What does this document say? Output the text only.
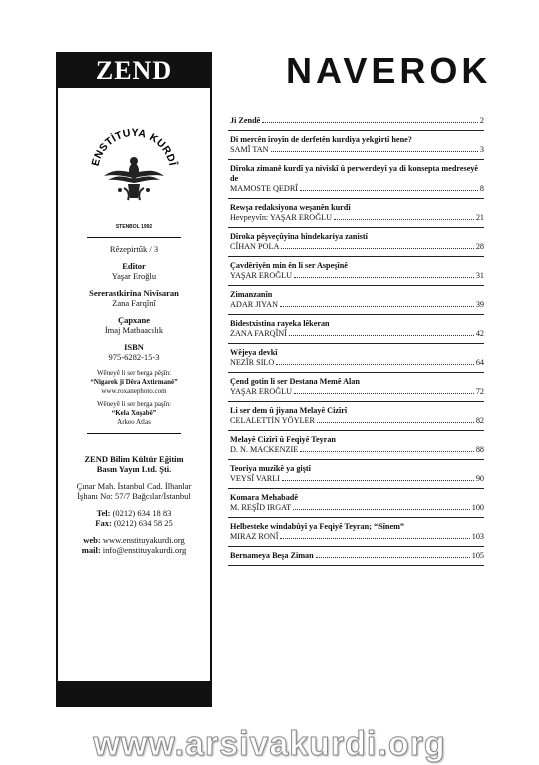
ZEND
ENSTİTUYA KURDÎ
STENBOL 1992
Rêzepirtûk / 3
Edîtor
Yaşar Eroğlu
Sererastkirina Nivîsaran
Zana Farqînî
Çapxane
İmaj Matbaacılık
ISBN
975-6282-15-3
Wêneyê li ser berga pêşîn:
“Nigarek ji Dêra Axtirmanê”
www.roxanephoto.com
Wêneyê li ser berga paşîn:
“Kela Xoşabê”
Arkeo Atlas
ZEND Bilim Kültür Eğitim
Basın Yayın Ltd. Şti.
Çınar Mah. İstanbul Cad. İlhanlar
İşhanı No: 57/7 Bağcılar/İstanbul
Tel: (0212) 634 18 83
Fax: (0212) 634 58 25
web: www.enstituyakurdi.org
mail: info@enstituyakurdi.org
NAVEROK
Ji Zendê	2
Di mercên îroyîn de derfetên kurdiya yekgirtî hene?
SAMÎ TAN	3
Dîroka zimanê kurdî ya nivîskî û perwerdeyî ya di konsepta medreseyê de
MAMOSTE QEDRÎ	8
Rewşa redaksiyona weşanên kurdî
Hevpeyvîn: YAŞAR EROĞLU	21
Dîroka pêşveçûyîna hîndekariya zanistî
CÎHAN POLA	28
Çavdêriyên min ên li ser Aspeşînê
YAŞAR EROĞLU	31
Zimanzanîn
ADAR JIYAN	39
Bidestxistina rayeka lêkeran
ZANA FARQÎNÎ	42
Wêjeya devkî
NEZÎR SILO	64
Çend gotin li ser Destana Memê Alan
YAŞAR EROĞLU	72
Li ser dem û jiyana Melayê Cizîrî
CELALETTİN YÖYLER	82
Melayê Cizîrî û Feqiyê Teyran
D. N. MACKENZIE	88
Teoriya muzîkê ya giştî
VEYSÎ VARLI	90
Komara Mehabadê
M. REŞÎD IRGAT	100
Helbesteke windabûyî ya Feqiyê Teyran; “Sînem”
MIRAZ RONÎ	103
Bernameya Beşa Ziman	105
www.arsivakurdi.org
